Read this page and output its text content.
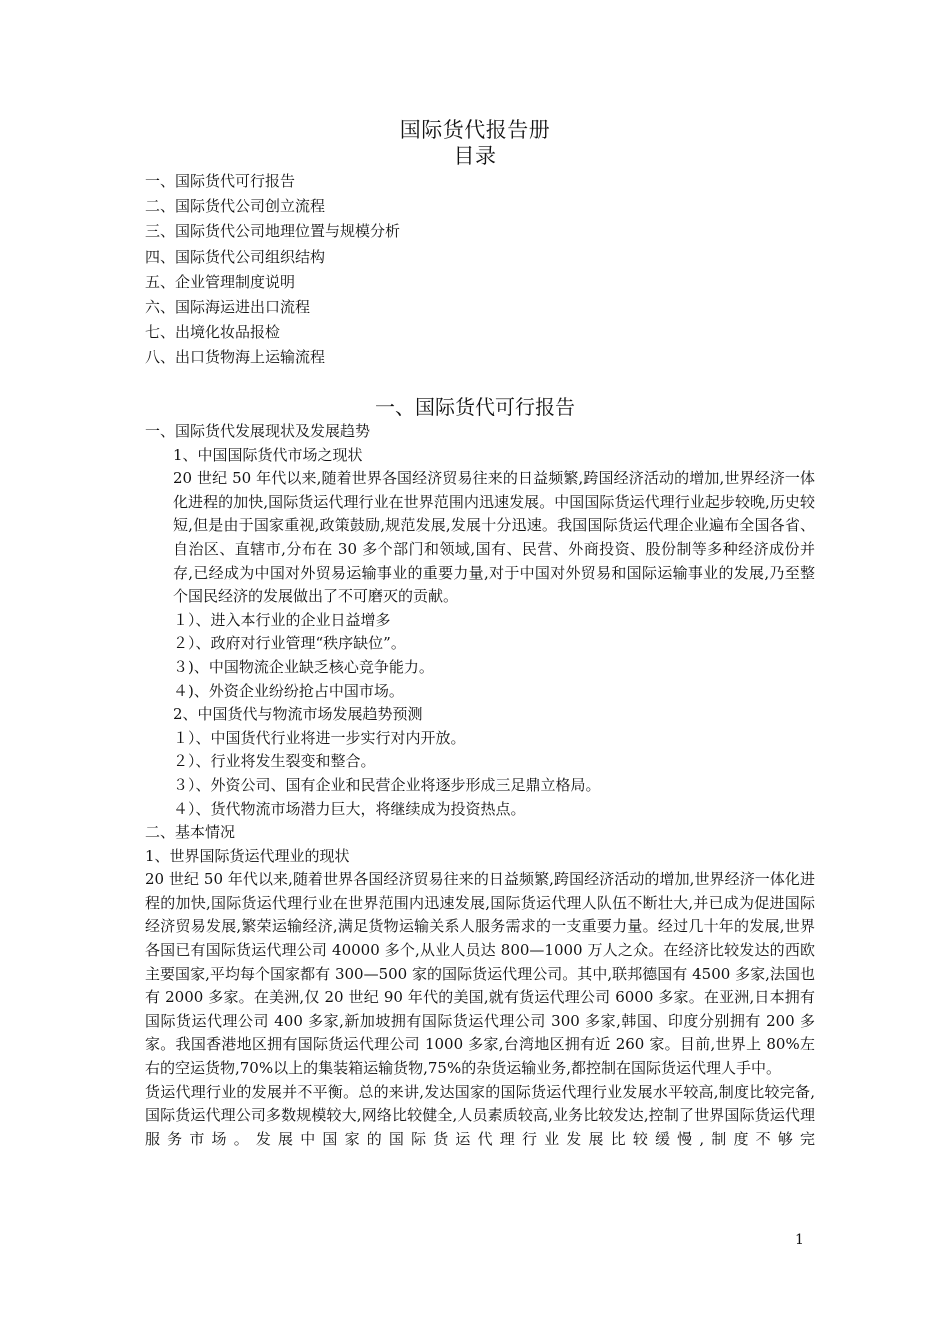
国际货代报告册
目录
一、国际货代可行报告
二、国际货代公司创立流程
三、国际货代公司地理位置与规模分析
四、国际货代公司组织结构
五、企业管理制度说明
六、国际海运进出口流程
七、出境化妆品报检
八、出口货物海上运输流程
一、国际货代可行报告
一、国际货代发展现状及发展趋势
1、中国国际货代市场之现状
20 世纪 50 年代以来,随着世界各国经济贸易往来的日益频繁,跨国经济活动的增加,世界经济一体化进程的加快,国际货运代理行业在世界范围内迅速发展。中国国际货运代理行业起步较晚,历史较短,但是由于国家重视,政策鼓励,规范发展,发展十分迅速。我国国际货运代理企业遍布全国各省、自治区、直辖市,分布在 30 多个部门和领域,国有、民营、外商投资、股份制等多种经济成份并存,已经成为中国对外贸易运输事业的重要力量,对于中国对外贸易和国际运输事业的发展,乃至整个国民经济的发展做出了不可磨灭的贡献。
１）、进入本行业的企业日益增多
２）、政府对行业管理“秩序缺位”。
３)、中国物流企业缺乏核心竞争能力。
４)、外资企业纷纷抢占中国市场。
2、中国货代与物流市场发展趋势预测
１）、中国货代行业将进一步实行对内开放。
２）、行业将发生裂变和整合。
３）、外资公司、国有企业和民营企业将逐步形成三足鼎立格局。
４）、货代物流市场潜力巨大，将继续成为投资热点。
二、基本情况
1、世界国际货运代理业的现状
20 世纪 50 年代以来,随着世界各国经济贸易往来的日益频繁,跨国经济活动的增加,世界经济一体化进程的加快,国际货运代理行业在世界范围内迅速发展,国际货运代理人队伍不断壮大,并已成为促进国际经济贸易发展,繁荣运输经济,满足货物运输关系人服务需求的一支重要力量。经过几十年的发展,世界各国已有国际货运代理公司 40000 多个,从业人员达 800—1000 万人之众。在经济比较发达的西欧主要国家,平均每个国家都有 300—500 家的国际货运代理公司。其中,联邦德国有 4500 多家,法国也有 2000 多家。在美洲,仅 20 世纪 90 年代的美国,就有货运代理公司 6000 多家。在亚洲,日本拥有国际货运代理公司 400 多家,新加坡拥有国际货运代理公司 300 多家,韩国、印度分别拥有 200 多家。我国香港地区拥有国际货运代理公司 1000 多家,台湾地区拥有近 260 家。目前,世界上 80%左右的空运货物,70%以上的集装箱运输货物,75%的杂货运输业务,都控制在国际货运代理人手中。
货运代理行业的发展并不平衡。总的来讲,发达国家的国际货运代理行业发展水平较高,制度比较完备,国际货运代理公司多数规模较大,网络比较健全,人员素质较高,业务比较发达,控制了世界国际货运代理服务市场。发展中国家的国际货运代理行业发展比较缓慢,制度不够完
1
